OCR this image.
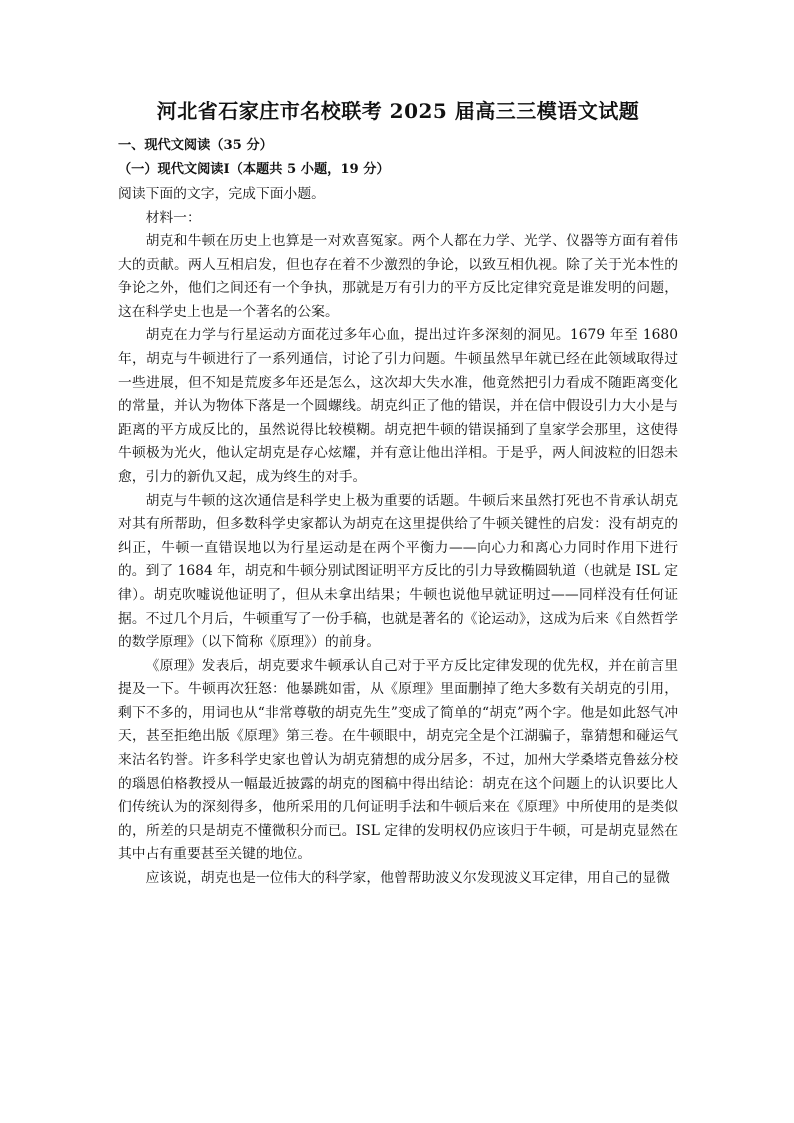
河北省石家庄市名校联考 2025 届高三三模语文试题
一、现代文阅读（35 分）
（一）现代文阅读Ⅰ（本题共 5 小题，19 分）
阅读下面的文字，完成下面小题。
材料一：

胡克和牛顿在历史上也算是一对欢喜冤家。两个人都在力学、光学、仪器等方面有着伟大的贡献。两人互相启发，但也存在着不少激烈的争论，以致互相仇视。除了关于光本性的争论之外，他们之间还有一个争执，那就是万有引力的平方反比定律究竟是谁发明的问题，这在科学史上也是一个著名的公案。

胡克在力学与行星运动方面花过多年心血，提出过许多深刻的洞见。1679 年至 1680 年，胡克与牛顿进行了一系列通信，讨论了引力问题。牛顿虽然早年就已经在此领域取得过一些进展，但不知是荒废多年还是怎么，这次却大失水准，他竟然把引力看成不随距离变化的常量，并认为物体下落是一个圆螺线。胡克纠正了他的错误，并在信中假设引力大小是与距离的平方成反比的，虽然说得比较模糊。胡克把牛顿的错误捅到了皇家学会那里，这使得牛顿极为光火，他认定胡克是存心炫耀，并有意让他出洋相。于是乎，两人间波粒的旧怨未愈，引力的新仇又起，成为终生的对手。

胡克与牛顿的这次通信是科学史上极为重要的话题。牛顿后来虽然打死也不肯承认胡克对其有所帮助，但多数科学史家都认为胡克在这里提供给了牛顿关键性的启发：没有胡克的纠正，牛顿一直错误地以为行星运动是在两个平衡力——向心力和离心力同时作用下进行的。到了 1684 年，胡克和牛顿分别试图证明平方反比的引力导致椭圆轨道（也就是 ISL 定律）。胡克吹嘘说他证明了，但从未拿出结果；牛顿也说他早就证明过——同样没有任何证据。不过几个月后，牛顿重写了一份手稿，也就是著名的《论运动》，这成为后来《自然哲学的数学原理》（以下简称《原理》）的前身。

《原理》发表后，胡克要求牛顿承认自己对于平方反比定律发现的优先权，并在前言里提及一下。牛顿再次狂怒：他暴跳如雷，从《原理》里面删掉了绝大多数有关胡克的引用，剩下不多的，用词也从“非常尊敬的胡克先生”变成了简单的“胡克”两个字。他是如此怒气冲天，甚至拒绝出版《原理》第三卷。在牛顿眼中，胡克完全是个江湖骗子，靠猜想和碰运气来沽名钓誉。许多科学史家也曾认为胡克猜想的成分居多，不过，加州大学桑塔克鲁兹分校的瑙恩伯格教授从一幅最近披露的胡克的图稿中得出结论：胡克在这个问题上的认识要比人们传统认为的深刻得多，他所采用的几何证明手法和牛顿后来在《原理》中所使用的是类似的，所差的只是胡克不懂微积分而已。ISL 定律的发明权仍应该归于牛顿，可是胡克显然在其中占有重要甚至关键的地位。

应该说，胡克也是一位伟大的科学家，他曾帮助波义尔发现波义耳定律，用自己的显微
